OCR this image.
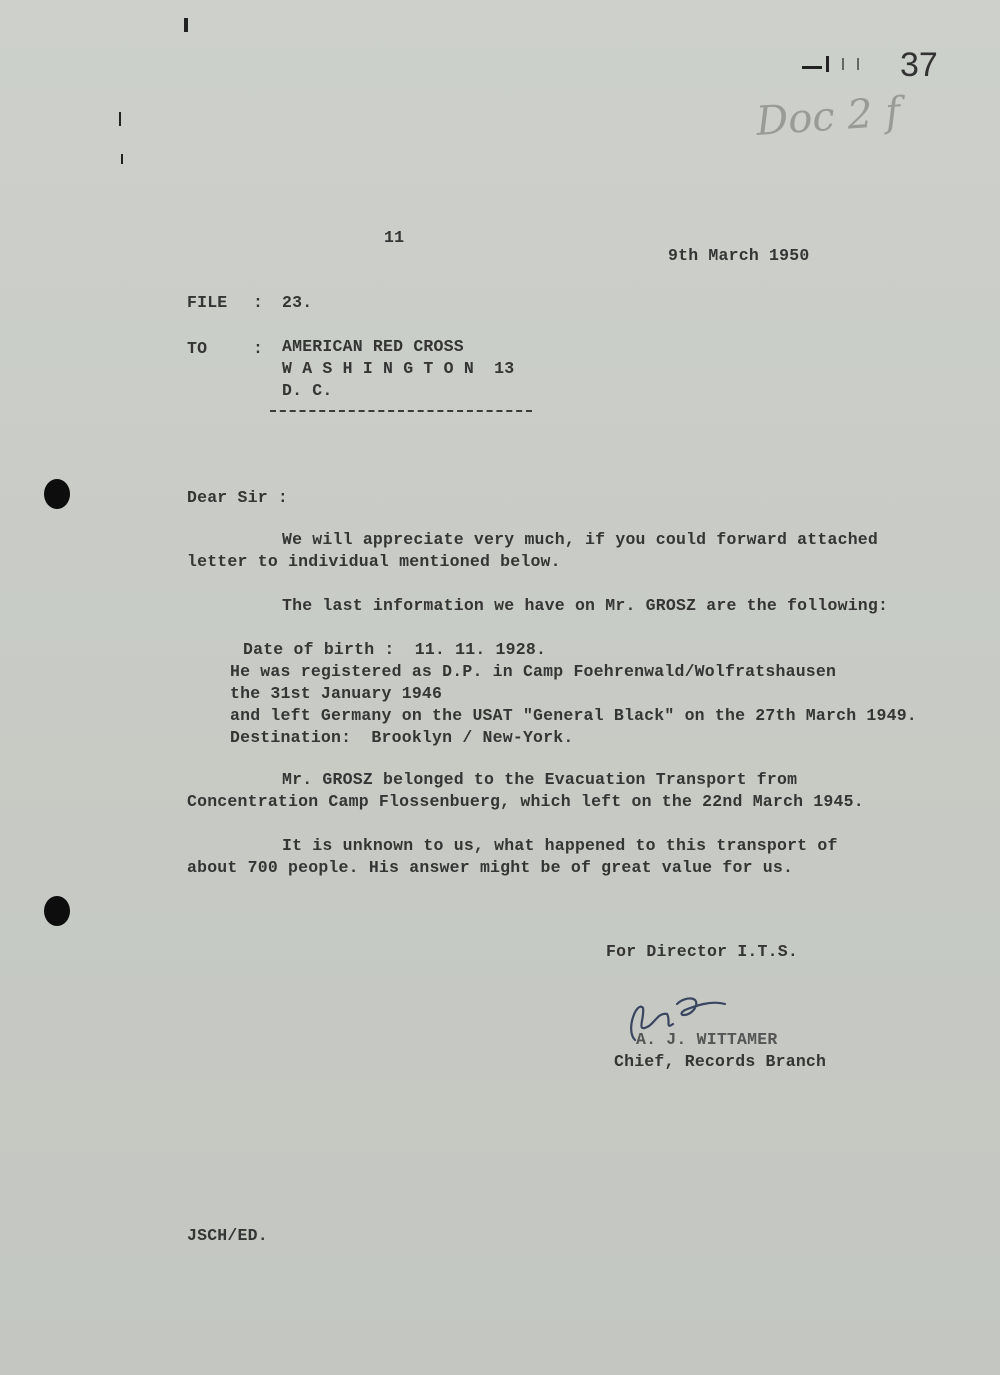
37
Doc 2 f
11
9th March 1950
FILE : 23.
TO	: AMERICAN RED CROSS
W A S H I N G T O N  13
D. C.
Dear Sir :
We will appreciate very much, if you could forward attached
letter to individual mentioned below.
The last information we have on Mr. GROSZ are the following:
Date of birth :  11. 11. 1928.
He was registered as D.P. in Camp Foehrenwald/Wolfratshausen
the 31st January 1946
and left Germany on the USAT "General Black" on the 27th March 1949.
Destination:  Brooklyn / New-York.
Mr. GROSZ belonged to the Evacuation Transport from
Concentration Camp Flossenbuerg, which left on the 22nd March 1945.
It is unknown to us, what happened to this transport of
about 700 people. His answer might be of great value for us.
For Director I.T.S.
A. J. WITTAMER
Chief, Records Branch
JSCH/ED.
